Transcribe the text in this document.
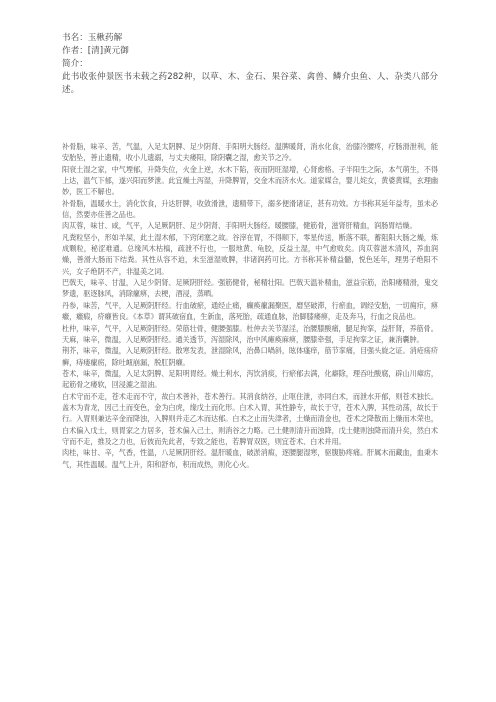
书名：玉楸药解
作者：[清]黄元御
简介：
此书收张仲景医书未载之药282种，以草、木、金石、果谷菜、禽兽、鳞介虫鱼、人、杂类八部分述。

补骨脂，味辛、苦，气温，入足太阴脾、足少阴肾、手阳明大肠经。温脾暖肾，消水化食，治膝冷腰疼，疗肠滑泄利，能安胎坠，善止遗精，收小儿遗溺，与丈夫痿阳，除阴囊之湿，愈关节之冷。

阳衰土湿之家，中气堙郁，升降失位，火金上逆，水木下陷，夜而阴旺湿增，心肾愈格。子半阳生之际，本气萌生，不得上达，温气下郁，遂兴阳而梦泄。此宜燥土泻湿，升降脾胃，交金木而济水火。道家媒合，婴儿姹女，黄婆黄媒，玄理幽妙，医工不解也。

补骨脂，温暖水土，消化饮食，升达肝脾，收敛滑泄，遗精带下，溺多便滑诸证，甚有功效。方书称其延年益寿，虽未必信，然要亦佳善之品也。

肉苁蓉，味甘、咸，气平，入足厥阴肝、足少阴肾、手阳明大肠经。暖腰膝，健筋骨，滋肾肝精血，润肠胃结燥。

凡粪粒坚小，形如羊屎，此土湿木郁，下窍闭塞之故。谷滓在胃，不得顺下，零星传送，断落不联，蓄阻阳大肠之燥，炼成颗粒，秘涩难通。总缘风木枯槁，疏泄不行也，一服地黄、龟胶，反益土湿，中气愈败矣。肉苁蓉滋木清风，养血润燥，善滑大肠而下结粪。其性从容不迫，未至滋湿败脾，非诸润药可比。方书称其补精益髓，悦色延年，理男子绝阳不兴，女子绝阴不产，非温美之词。

巴戟天，味辛、甘温，入足少阴肾、足厥阴肝经。强筋健骨，秘精壮阳。巴戟天温补精血，滋益宗筋，治阳痿精滑，鬼交梦遗，驱逐脉风，消除瘰痹，去梗，酒浸，蒸晒。

丹参，味苦，气平，入足厥阴肝经。行血破瘀，通经止痛，癫痪瘰漏聚医，磨坚破滞，行瘀血，调经安胎，一切痈疖，痹癥，癥瘕，疥癞皆良。《本草》谓其破宿血，生新血，落死胎，疏通血脉，治脚膝痿痹，走及奔马，行血之良品也。

杜仲，味辛，气平，入足厥阴肝经。荣筋壮骨，健腰强膝。杜仲去关节湿淫，治腰膝酸痛，腿足拘挛，益肝肾，养筋骨。

天麻，味辛，微温，入足厥阴肝经。通关透节，泻湿除风，治中风瘫痪麻痹，腰膝牵强，手足拘挛之证，兼消囊肿。

荆芥，味辛，微温，入足厥阴肝经。散寒发表，泄湿除风，治鼻口喎斜，眩体瘙痒，筋节挛痛，目强头旋之证。消疮疡疥癣，痔瘘瘰疬，除吐衄崩漏，脱肛阴癞。

苍术，味辛，微温，入足太阴脾、足阳明胃经。燥土利水，泻饮消痰，行瘀郁去满，化癖除，理吞吐酸腐，辟山川瘴疠，起筋骨之痿软，回浸漉之湿油。

白术守而不走，苍术走而不守，故白术善补，苍术善行。其消食纳谷，止呕住泄，亦同白术，而泄水开郁，则苍术独长。盖木为青龙，因己土而变色，金为白虎，缘戊土而化形。白术入胃，其性静专，故长于守，苍术入脾，其性动荡，故长于行。入胃则兼达辛金而降浊，入脾则并走乙木而达郁。白术之止而失津者，土燥而清金也，苍术之降散而上燥而木荣也，白术偏入戊土，则胃家之力居多，苍术偏入己土，则消谷之力略。己土健则清升而浊降，戊土健则浊降而清升矣，然白术守而不走，推及之力也，后彼而先此者，专致之能也，若脾胃双医，则宜苍术、白术并用。

肉桂，味甘、辛，气香，性温，八足厥阴肝经。温肝暖血，破淤消瘕，逐腰腿湿寒，驱腹胁疼痛。肝属木而藏血，血秉木气，其性温暖。温气上升，阳和舒布，积而成热，则化心火。
